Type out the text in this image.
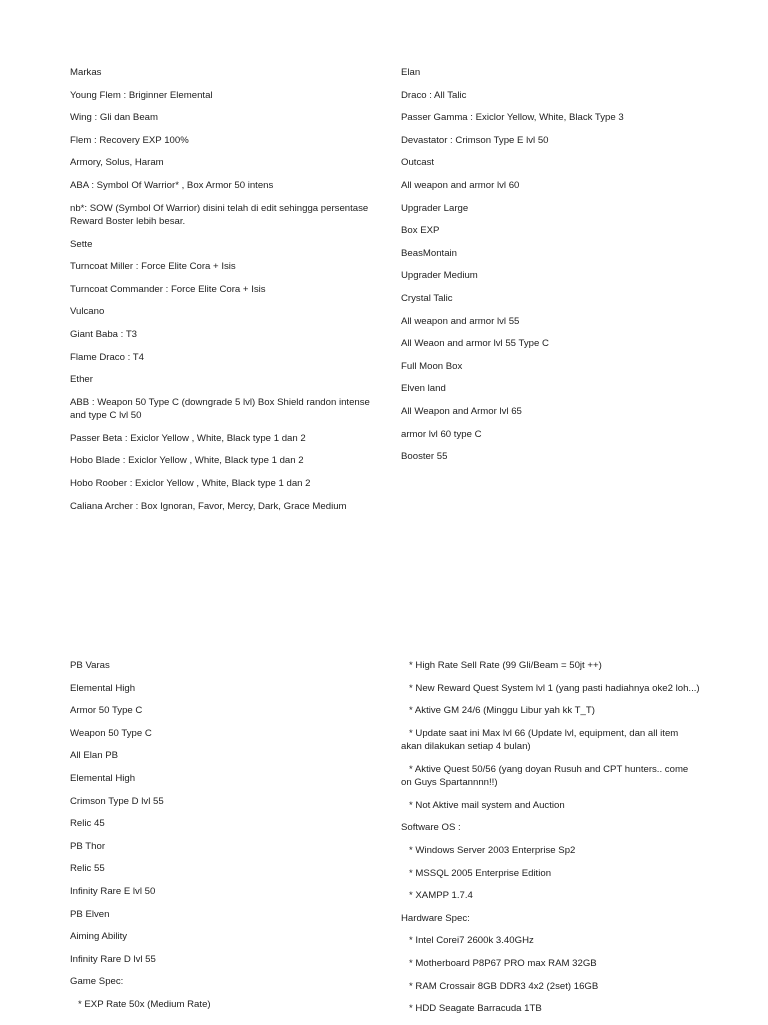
Markas
Young Flem : Briginner Elemental
Wing : Gli dan Beam
Flem : Recovery EXP 100%
Armory, Solus, Haram
ABA : Symbol Of Warrior* , Box Armor 50 intens
nb*: SOW (Symbol Of Warrior) disini telah di edit sehingga persentase Reward Boster lebih besar.
Sette
Turncoat Miller : Force Elite Cora + Isis
Turncoat Commander : Force Elite Cora + Isis
Vulcano
Giant Baba : T3
Flame Draco : T4
Ether
ABB : Weapon 50 Type C (downgrade 5 lvl) Box Shield randon intense and type C lvl 50
Passer Beta : Exiclor Yellow , White, Black type 1 dan 2
Hobo Blade : Exiclor Yellow , White, Black type 1 dan 2
Hobo Roober : Exiclor Yellow , White, Black type 1 dan 2
Caliana Archer : Box Ignoran, Favor, Mercy, Dark, Grace Medium
Elan
Draco : All Talic
Passer Gamma : Exiclor Yellow, White, Black Type 3
Devastator : Crimson Type E lvl 50
Outcast
All weapon and armor lvl 60
Upgrader Large
Box EXP
BeasMontain
Upgrader Medium
Crystal Talic
All weapon and armor lvl 55
All Weaon and armor lvl 55 Type C
Full Moon Box
Elven land
All Weapon and Armor lvl 65
armor lvl 60 type C
Booster 55
PB Varas
Elemental High
Armor 50 Type C
Weapon 50 Type C
All Elan PB
Elemental High
Crimson Type D lvl 55
Relic 45
PB Thor
Relic 55
Infinity Rare E lvl 50
PB Elven
Aiming Ability
Infinity Rare D lvl 55
Game Spec:
* EXP Rate 50x (Medium Rate)
* High Rate Sell Rate (99 Gli/Beam = 50jt ++)
* New Reward Quest System lvl 1 (yang pasti hadiahnya oke2 loh...)
* Aktive GM 24/6 (Minggu Libur yah kk T_T)
* Update saat ini Max lvl 66 (Update lvl, equipment, dan all item akan dilakukan setiap 4 bulan)
* Aktive Quest 50/56 (yang doyan Rusuh and CPT hunters.. come on Guys Spartannnn!!)
* Not Aktive mail system and Auction
Software OS :
* Windows Server 2003 Enterprise Sp2
* MSSQL 2005 Enterprise Edition
* XAMPP 1.7.4
Hardware Spec:
* Intel Corei7 2600k 3.40GHz
* Motherboard P8P67 PRO max RAM 32GB
* RAM Crossair 8GB DDR3 4x2 (2set) 16GB
* HDD Seagate Barracuda 1TB
